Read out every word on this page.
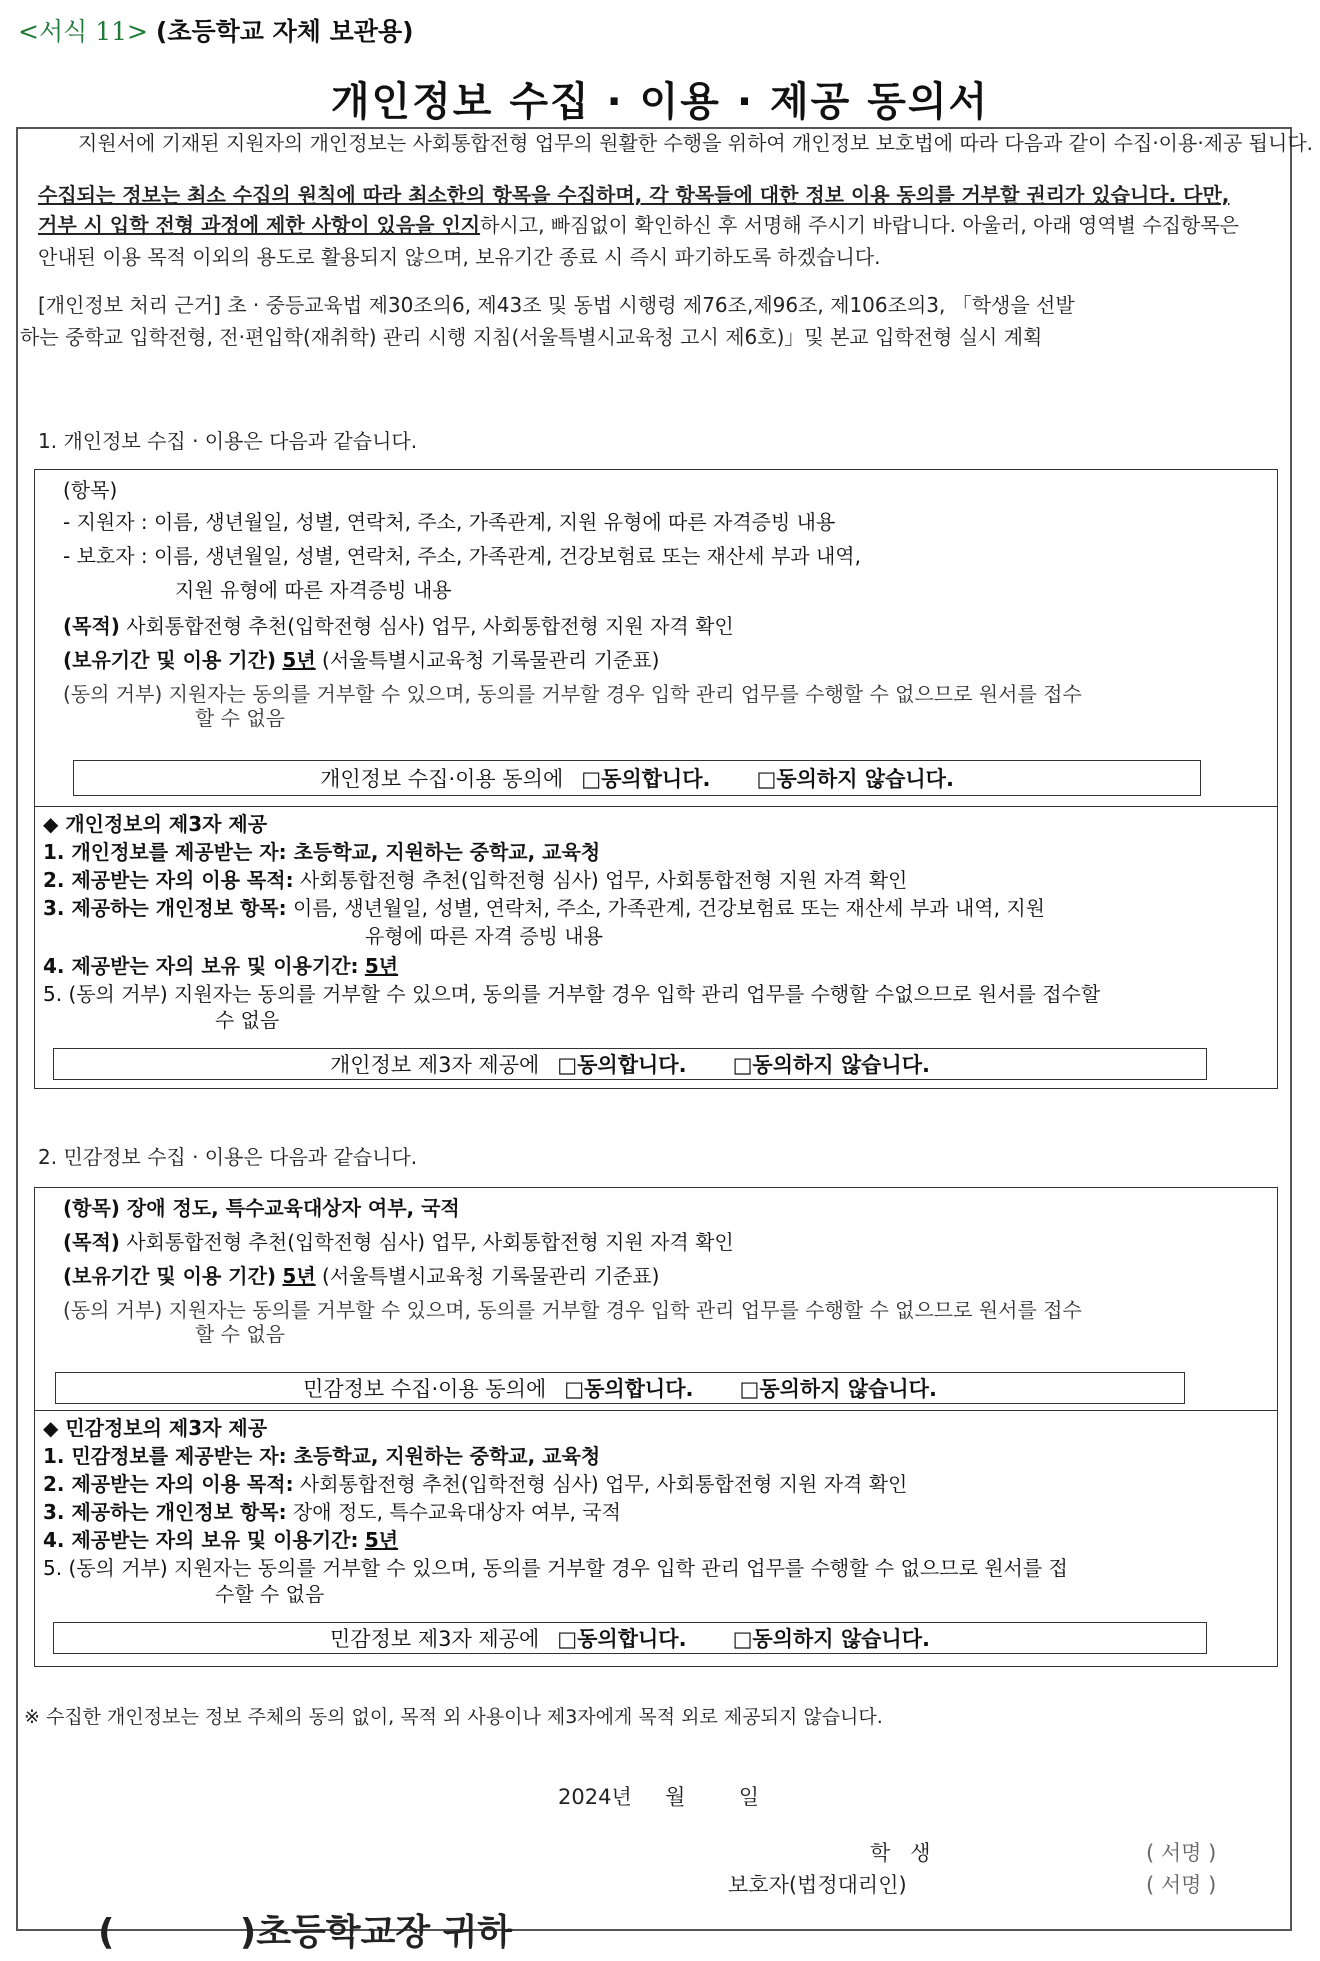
<서식 11> (초등학교 자체 보관용)
개인정보 수집 · 이용 · 제공 동의서
지원서에 기재된 지원자의 개인정보는 사회통합전형 업무의 원활한 수행을 위하여 개인정보 보호법에 따라 다음과 같이 수집·이용·제공 됩니다.
수집되는 정보는 최소 수집의 원칙에 따라 최소한의 항목을 수집하며, 각 항목들에 대한 정보 이용 동의를 거부할 권리가 있습니다. 다만,
거부 시 입학 전형 과정에 제한 사항이 있음을 인지하시고, 빠짐없이 확인하신 후 서명해 주시기 바랍니다. 아울러, 아래 영역별 수집항목은
안내된 이용 목적 이외의 용도로 활용되지 않으며, 보유기간 종료 시 즉시 파기하도록 하겠습니다.
[개인정보 처리 근거] 초 · 중등교육법 제30조의6, 제43조 및 동법 시행령 제76조,제96조, 제106조의3, 「학생을 선발
하는 중학교 입학전형, 전·편입학(재취학) 관리 시행 지침(서울특별시교육청 고시 제6호)」및 본교 입학전형 실시 계획
1. 개인정보 수집 · 이용은 다음과 같습니다.
(항목)
- 지원자 : 이름, 생년월일, 성별, 연락처, 주소, 가족관계, 지원 유형에 따른 자격증빙 내용
- 보호자 : 이름, 생년월일, 성별, 연락처, 주소, 가족관계, 건강보험료 또는 재산세 부과 내역,
지원 유형에 따른 자격증빙 내용
(목적) 사회통합전형 추천(입학전형 심사) 업무, 사회통합전형 지원 자격 확인
(보유기간 및 이용 기간) 5년 (서울특별시교육청 기록물관리 기준표)
(동의 거부) 지원자는 동의를 거부할 수 있으며, 동의를 거부할 경우 입학 관리 업무를 수행할 수 없으므로 원서를 접수
할 수 없음
개인정보 수집·이용 동의에 □동의합니다. □동의하지 않습니다.
◆ 개인정보의 제3자 제공
1. 개인정보를 제공받는 자: 초등학교, 지원하는 중학교, 교육청
2. 제공받는 자의 이용 목적: 사회통합전형 추천(입학전형 심사) 업무, 사회통합전형 지원 자격 확인
3. 제공하는 개인정보 항목: 이름, 생년월일, 성별, 연락처, 주소, 가족관계, 건강보험료 또는 재산세 부과 내역, 지원
유형에 따른 자격 증빙 내용
4. 제공받는 자의 보유 및 이용기간: 5년
5. (동의 거부) 지원자는 동의를 거부할 수 있으며, 동의를 거부할 경우 입학 관리 업무를 수행할 수없으므로 원서를 접수할
수 없음
개인정보 제3자 제공에 □동의합니다. □동의하지 않습니다.
2. 민감정보 수집 · 이용은 다음과 같습니다.
(항목) 장애 정도, 특수교육대상자 여부, 국적
(목적) 사회통합전형 추천(입학전형 심사) 업무, 사회통합전형 지원 자격 확인
(보유기간 및 이용 기간) 5년 (서울특별시교육청 기록물관리 기준표)
(동의 거부) 지원자는 동의를 거부할 수 있으며, 동의를 거부할 경우 입학 관리 업무를 수행할 수 없으므로 원서를 접수
할 수 없음
민감정보 수집·이용 동의에 □동의합니다. □동의하지 않습니다.
◆ 민감정보의 제3자 제공
1. 민감정보를 제공받는 자: 초등학교, 지원하는 중학교, 교육청
2. 제공받는 자의 이용 목적: 사회통합전형 추천(입학전형 심사) 업무, 사회통합전형 지원 자격 확인
3. 제공하는 개인정보 항목: 장애 정도, 특수교육대상자 여부, 국적
4. 제공받는 자의 보유 및 이용기간: 5년
5. (동의 거부) 지원자는 동의를 거부할 수 있으며, 동의를 거부할 경우 입학 관리 업무를 수행할 수 없으므로 원서를 접
수할 수 없음
민감정보 제3자 제공에 □동의합니다. □동의하지 않습니다.
※ 수집한 개인정보는 정보 주체의 동의 없이, 목적 외 사용이나 제3자에게 목적 외로 제공되지 않습니다.
2024년 월	일
학   생	( 서명 )
보호자(법정대리인)	( 서명 )
(          )초등학교장 귀하
